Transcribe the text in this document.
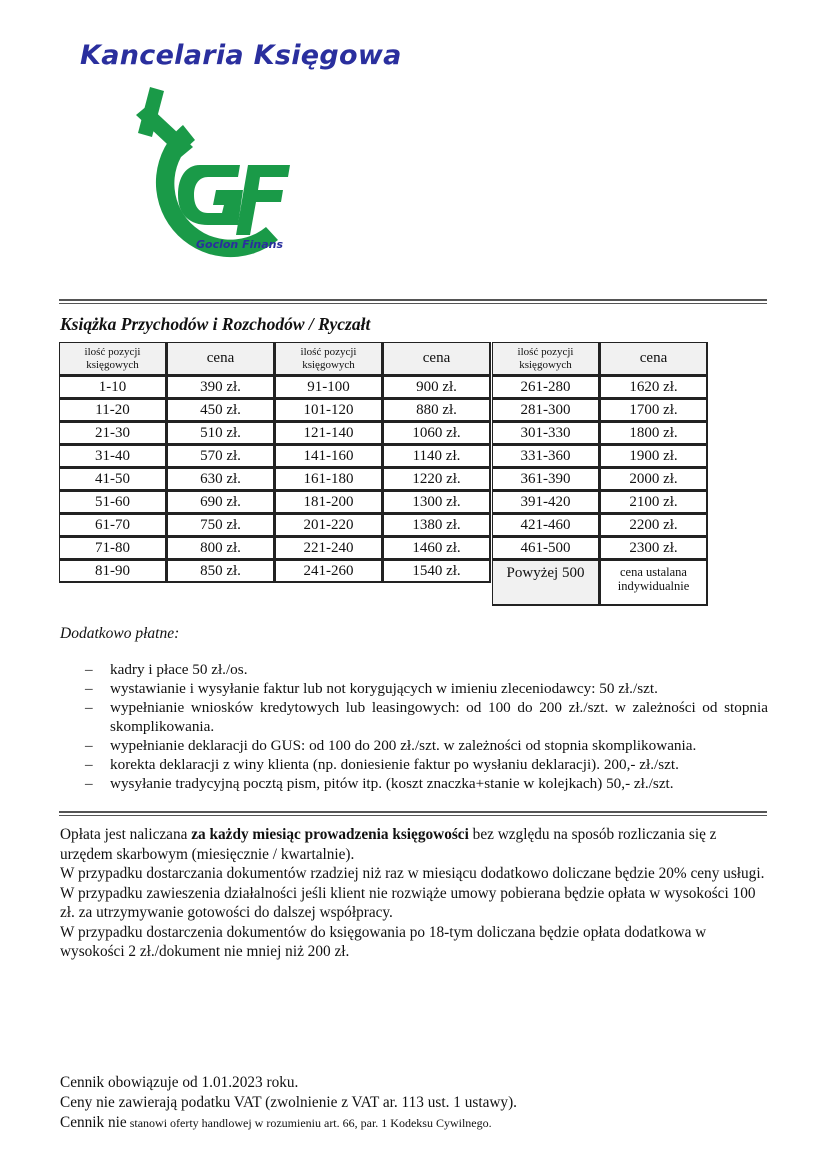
Kancelaria Księgowa
GF
Goclon Finans
Książka Przychodów i Rozchodów / Ryczałt
ilość pozycji księgowych	cena
1-10	390 zł.
11-20	450 zł.
21-30	510 zł.
31-40	570 zł.
41-50	630 zł.
51-60	690 zł.
61-70	750 zł.
71-80	800 zł.
81-90	850 zł.
ilość pozycji księgowych	cena
91-100	900 zł.
101-120	880 zł.
121-140	1060 zł.
141-160	1140 zł.
161-180	1220 zł.
181-200	1300 zł.
201-220	1380 zł.
221-240	1460 zł.
241-260	1540 zł.
ilość pozycji księgowych	cena
261-280	1620 zł.
281-300	1700 zł.
301-330	1800 zł.
331-360	1900 zł.
361-390	2000 zł.
391-420	2100 zł.
421-460	2200 zł.
461-500	2300 zł.
Powyżej 500	cena ustalana indywidualnie
Dodatkowo płatne:
– kadry i płace 50 zł./os.
– wystawianie i wysyłanie faktur lub not korygujących w imieniu zleceniodawcy: 50 zł./szt.
– wypełnianie wniosków kredytowych lub leasingowych: od 100 do 200 zł./szt. w zależności od stopnia skomplikowania.
– wypełnianie deklaracji do GUS: od 100 do 200 zł./szt. w zależności od stopnia skomplikowania.
– korekta deklaracji z winy klienta (np. doniesienie faktur po wysłaniu deklaracji). 200,- zł./szt.
– wysyłanie tradycyjną pocztą pism, pitów itp. (koszt znaczka+stanie w kolejkach) 50,- zł./szt.

Opłata jest naliczana za każdy miesiąc prowadzenia księgowości bez względu na sposób rozliczania się z urzędem skarbowym (miesięcznie / kwartalnie).

W przypadku dostarczania dokumentów rzadziej niż raz w miesiącu dodatkowo doliczane będzie 20% ceny usługi.

W przypadku zawieszenia działalności jeśli klient nie rozwiąże umowy pobierana będzie opłata w wysokości 100 zł. za utrzymywanie gotowości do dalszej współpracy.

W przypadku dostarczenia dokumentów do księgowania po 18-tym doliczana będzie opłata dodatkowa w wysokości 2 zł./dokument nie mniej niż 200 zł.

Cennik obowiązuje od 1.01.2023 roku.

Ceny nie zawierają podatku VAT (zwolnienie z VAT ar. 113 ust. 1 ustawy).

Cennik nie stanowi oferty handlowej w rozumieniu art. 66, par. 1 Kodeksu Cywilnego.
